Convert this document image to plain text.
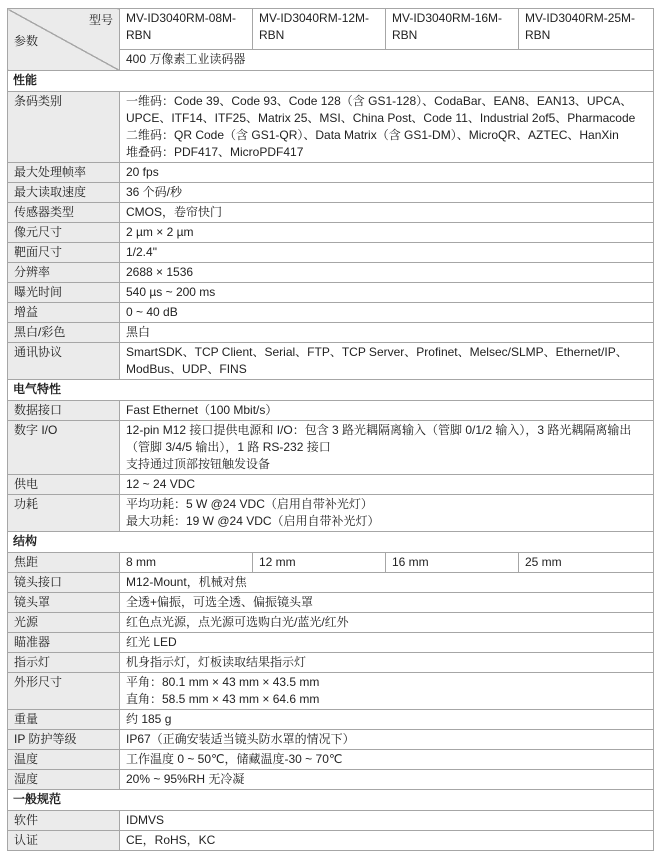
型号
参数	MV-ID3040RM-08M-RBN	MV-ID3040RM-12M-RBN	MV-ID3040RM-16M-RBN	MV-ID3040RM-25M-RBN
	400 万像素工业读码器			
性能				
条码类别	一维码：Code 39、Code 93、Code 128（含 GS1-128）、CodaBar、EAN8、EAN13、UPCA、UPCE、ITF14、ITF25、Matrix 25、MSI、China Post、Code 11、Industrial 2of5、Pharmacode
二维码：QR Code（含 GS1-QR）、Data Matrix（含 GS1-DM）、MicroQR、AZTEC、HanXin
堆叠码：PDF417、MicroPDF417			

最大处理帧率	20 fps			

最大读取速度	36 个码/秒			

传感器类型	CMOS，卷帘快门			

像元尺寸	2 µm × 2 µm			

靶面尺寸	1/2.4"			

分辨率	2688 × 1536			

曝光时间	540 µs ~ 200 ms			

增益	0 ~ 40 dB			

黑白/彩色	黑白			

通讯协议	SmartSDK、TCP Client、Serial、FTP、TCP Server、Profinet、Melsec/SLMP、Ethernet/IP、ModBus、UDP、FINS			

电气特性				
数据接口	Fast Ethernet（100 Mbit/s）			

数字 I/O	12-pin M12 接口提供电源和 I/O：包含 3 路光耦隔离输入（管脚 0/1/2 输入），3 路光耦隔离输出（管脚 3/4/5 输出），1 路 RS-232 接口
支持通过顶部按钮触发设备			

供电	12 ~ 24 VDC			

功耗	平均功耗：5 W @24 VDC（启用自带补光灯）
最大功耗：19 W @24 VDC（启用自带补光灯）			

结构				
焦距	8 mm	12 mm	16 mm	25 mm
镜头接口	M12-Mount，机械对焦			

镜头罩	全透+偏振，可选全透、偏振镜头罩			

光源	红色点光源，点光源可选购白光/蓝光/红外			

瞄准器	红光 LED			

指示灯	机身指示灯，灯板读取结果指示灯			

外形尺寸	平角：80.1 mm × 43 mm × 43.5 mm
直角：58.5 mm × 43 mm × 64.6 mm			

重量	约 185 g			

IP 防护等级	IP67（正确安装适当镜头防水罩的情况下）			

温度	工作温度 0 ~ 50℃，储藏温度-30 ~ 70℃			

湿度	20% ~ 95%RH 无冷凝			

一般规范				
软件	IDMVS			

认证	CE，RoHS，KC			
